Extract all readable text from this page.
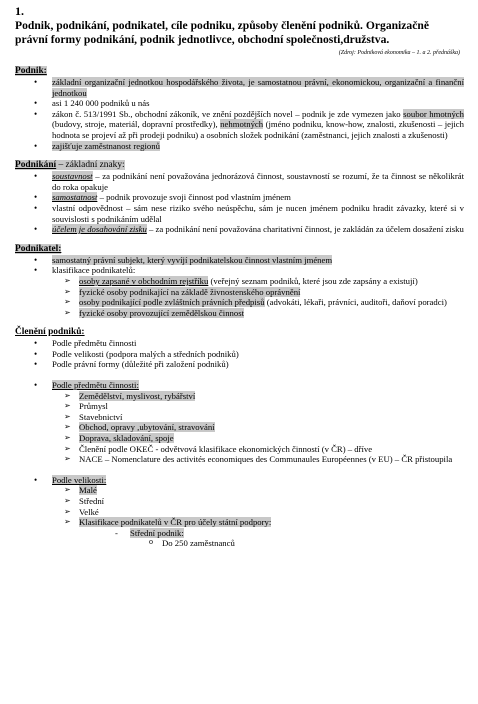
1.
Podnik, podnikání, podnikatel, cíle podniku, způsoby členění podniků. Organizačně právní formy podnikání, podnik jednotlivce, obchodní společnosti,družstva.
(Zdroj: Podniková ekonomika – 1. a 2. přednáška)
Podnik:
• základní organizační jednotkou hospodářského života, je samostatnou právní, ekonomickou, organizační a finanční jednotkou
• asi 1 240 000 podniků u nás
• zákon č. 513/1991 Sb., obchodní zákoník, ve znění pozdějších novel – podnik je zde vymezen jako soubor hmotných (budovy, stroje, materiál, dopravní prostředky), nehmotných (jméno podniku, know-how, znalosti, zkušenosti – jejich hodnota se projeví až při prodeji podniku) a osobních složek podnikání (zaměstnanci, jejich znalosti a zkušenosti)
• zajišťuje zaměstnanost regionů
Podnikání – základní znaky:
• soustavnost – za podnikání není považována jednorázová činnost, soustavností se rozumí, že ta činnost se několikrát do roka opakuje
• samostatnost – podnik provozuje svoji činnost pod vlastním jménem
• vlastní odpovědnost – sám nese riziko svého neúspěchu, sám je nucen jménem podniku hradit závazky, které si v souvislosti s podnikáním udělal
• účelem je dosahování zisku – za podnikání není považována charitativní činnost, je zakládán za účelem dosažení zisku
Podnikatel:
• samostatný právní subjekt, který vyvíjí podnikatelskou činnost vlastním jménem
• klasifikace podnikatelů:
➢ osoby zapsané v obchodním rejstříku (veřejný seznam podniků, které jsou zde zapsány a existují)
➢ fyzické osoby podnikající na základě živnostenského oprávnění
➢ osoby podnikající podle zvláštních právních předpisů (advokáti, lékaři, právníci, auditoři, daňoví poradci)
➢ fyzické osoby provozující zemědělskou činnost
Členění podniků:
• Podle předmětu činnosti
• Podle velikosti (podpora malých a středních podniků)
• Podle právní formy (důležité při založení podniků)
• Podle předmětu činnosti:
➢ Zemědělství, myslivost, rybářství
➢ Průmysl
➢ Stavebnictví
➢ Obchod, opravy ,ubytování, stravování
➢ Doprava, skladování, spoje
➢ Členění podle OKEČ - odvětvová klasifikace ekonomických činností (v ČR) – dříve
➢ NACE – Nomenclature des activités economiques des Communaules Européennes (v EU) – ČR přistoupila
• Podle velikosti:
➢ Malé
➢ Střední
➢ Velké
➢ Klasifikace podnikatelů v ČR pro účely státní podpory:
- Střední podnik:
o Do 250 zaměstnanců
